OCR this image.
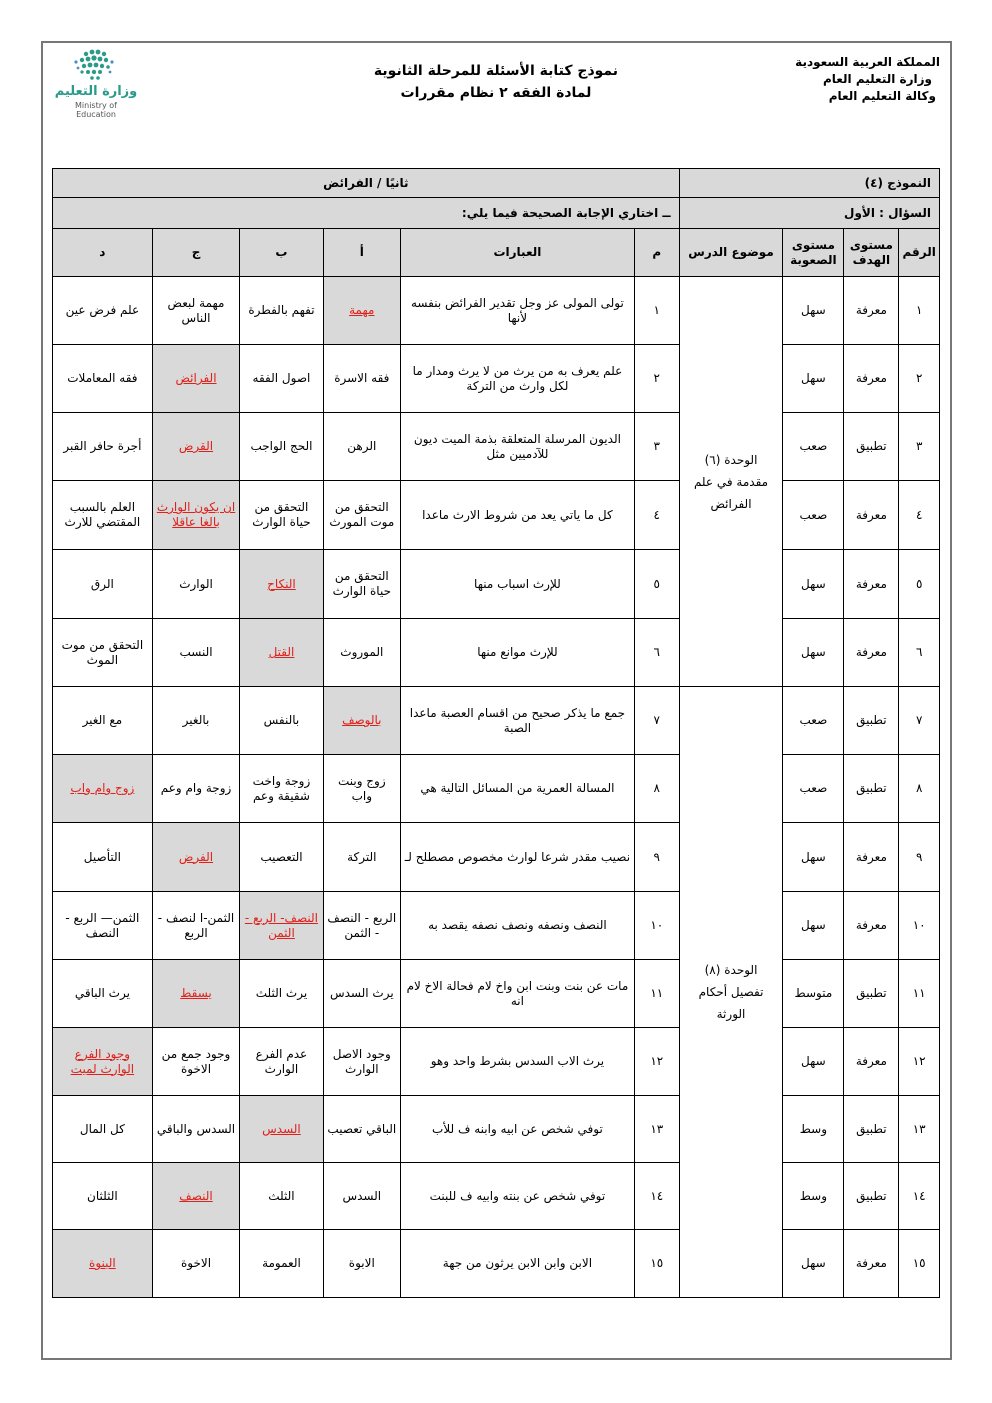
المملكة العربية السعودية
وزارة التعليم العام
وكالة التعليم العام
نموذج كتابة الأسئلة للمرحلة الثانوية
لمادة الفقه ٢ نظام مقررات
وزارة التعليم
Ministry of Education
النموذج (٤)				ثانيًا / الفرائض					
السؤال : الأول				ــ اختاري الإجابة الصحيحة فيما يلي:					
الرقم	مستوى الهدف	مستوى الصعوبة	موضوع الدرس	م	العبارات	أ	ب	ج	د
١	معرفة	سهل	الوحدة (٦) مقدمة في علم الفرائض	١	تولى المولى عز وجل تقدير الفرائض بنفسه لأنها	مهمة	تفهم بالفطرة	مهمة لبعض الناس	علم فرض عين
٢	معرفة	سهل		٢	علم يعرف به من يرث من لا يرث ومدار ما لكل وارث من التركة	فقه الاسرة	اصول الفقه	الفرائض	فقه المعاملات
٣	تطبيق	صعب		٣	الديون المرسلة المتعلقة بذمة الميت ديون للآدميين مثل	الرهن	الحج الواجب	القرض	أجرة حافر القبر
٤	معرفة	صعب		٤	كل ما ياتي يعد من شروط الارث ماعدا	التحقق من موت المورث	التحقق من حياة الوارث	ان يكون الوارث بالغا عاقلا	العلم بالسبب المقتضي للارث
٥	معرفة	سهل		٥	للإرث اسباب منها	التحقق من حياة الوارث	النكاح	الوارث	الرق
٦	معرفة	سهل		٦	للإرث موانع منها	الموروث	القتل	النسب	التحقق من موت الموث
٧	تطبيق	صعب	الوحدة (٨) تفصيل أحكام الورثة	٧	جمع ما يذكر صحيح من اقسام العصبة ماعدا الصبة	بالوصف	بالنفس	بالغير	مع الغير
٨	تطبيق	صعب		٨	المسالة العمرية من المسائل التالية هي	زوج وبنت واب	زوجة واخت شقيقة وعم	زوجة وام وعم	زوج وام واب
٩	معرفة	سهل		٩	نصيب مقدر شرعا لوارث مخصوص مصطلح لـ	التركة	التعصيب	الفرض	التأصيل
١٠	معرفة	سهل		١٠	النصف ونصفه ونصف نصفه يقصد به	الربع - النصف - الثمن	النصف- الربع - الثمن	الثمن-ا لنصف - الربع	الثمن— الربع - النصف
١١	تطبيق	متوسط		١١	مات عن بنت وبنت ابن واخ لام فحالة الاخ لام انه	يرث السدس	يرث الثلث	يسقط	يرث الباقي
١٢	معرفة	سهل		١٢	يرث الاب السدس بشرط واحد وهو	وجود الاصل الوارث	عدم الفرع الوارث	وجود جمع من الاخوة	وجود الفرع الوارث لميت
١٣	تطبيق	وسط		١٣	توفي شخص عن ابيه وابنه ف للأب	الباقي تعصيب	السدس	السدس والباقي	كل المال
١٤	تطبيق	وسط		١٤	توفي شخص عن بنته وابيه ف للبنت	السدس	الثلث	النصف	الثلثان
١٥	معرفة	سهل		١٥	الابن وابن الابن يرثون من جهة	الابوة	العمومة	الاخوة	البنوة
